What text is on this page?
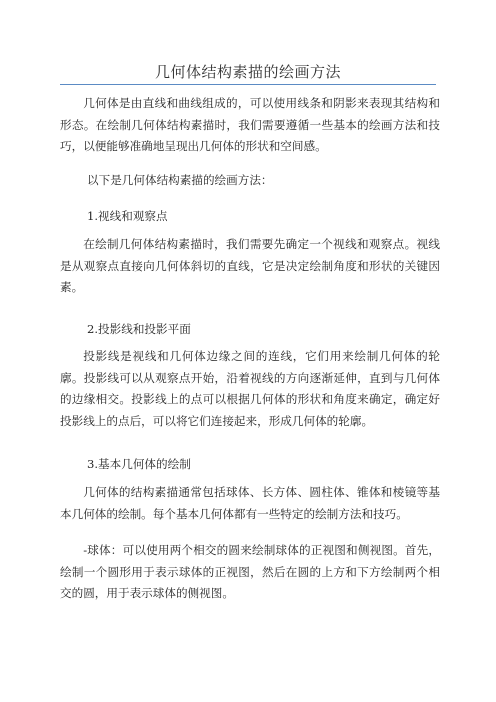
几何体结构素描的绘画方法

几何体是由直线和曲线组成的，可以使用线条和阴影来表现其结构和形态。在绘制几何体结构素描时，我们需要遵循一些基本的绘画方法和技巧，以便能够准确地呈现出几何体的形状和空间感。

以下是几何体结构素描的绘画方法：

1.视线和观察点

在绘制几何体结构素描时，我们需要先确定一个视线和观察点。视线是从观察点直接向几何体斜切的直线，它是决定绘制角度和形状的关键因素。

2.投影线和投影平面

投影线是视线和几何体边缘之间的连线，它们用来绘制几何体的轮廓。投影线可以从观察点开始，沿着视线的方向逐渐延伸，直到与几何体的边缘相交。投影线上的点可以根据几何体的形状和角度来确定，确定好投影线上的点后，可以将它们连接起来，形成几何体的轮廓。

3.基本几何体的绘制

几何体的结构素描通常包括球体、长方体、圆柱体、锥体和棱镜等基本几何体的绘制。每个基本几何体都有一些特定的绘制方法和技巧。

-球体：可以使用两个相交的圆来绘制球体的正视图和侧视图。首先，绘制一个圆形用于表示球体的正视图，然后在圆的上方和下方绘制两个相交的圆，用于表示球体的侧视图。
